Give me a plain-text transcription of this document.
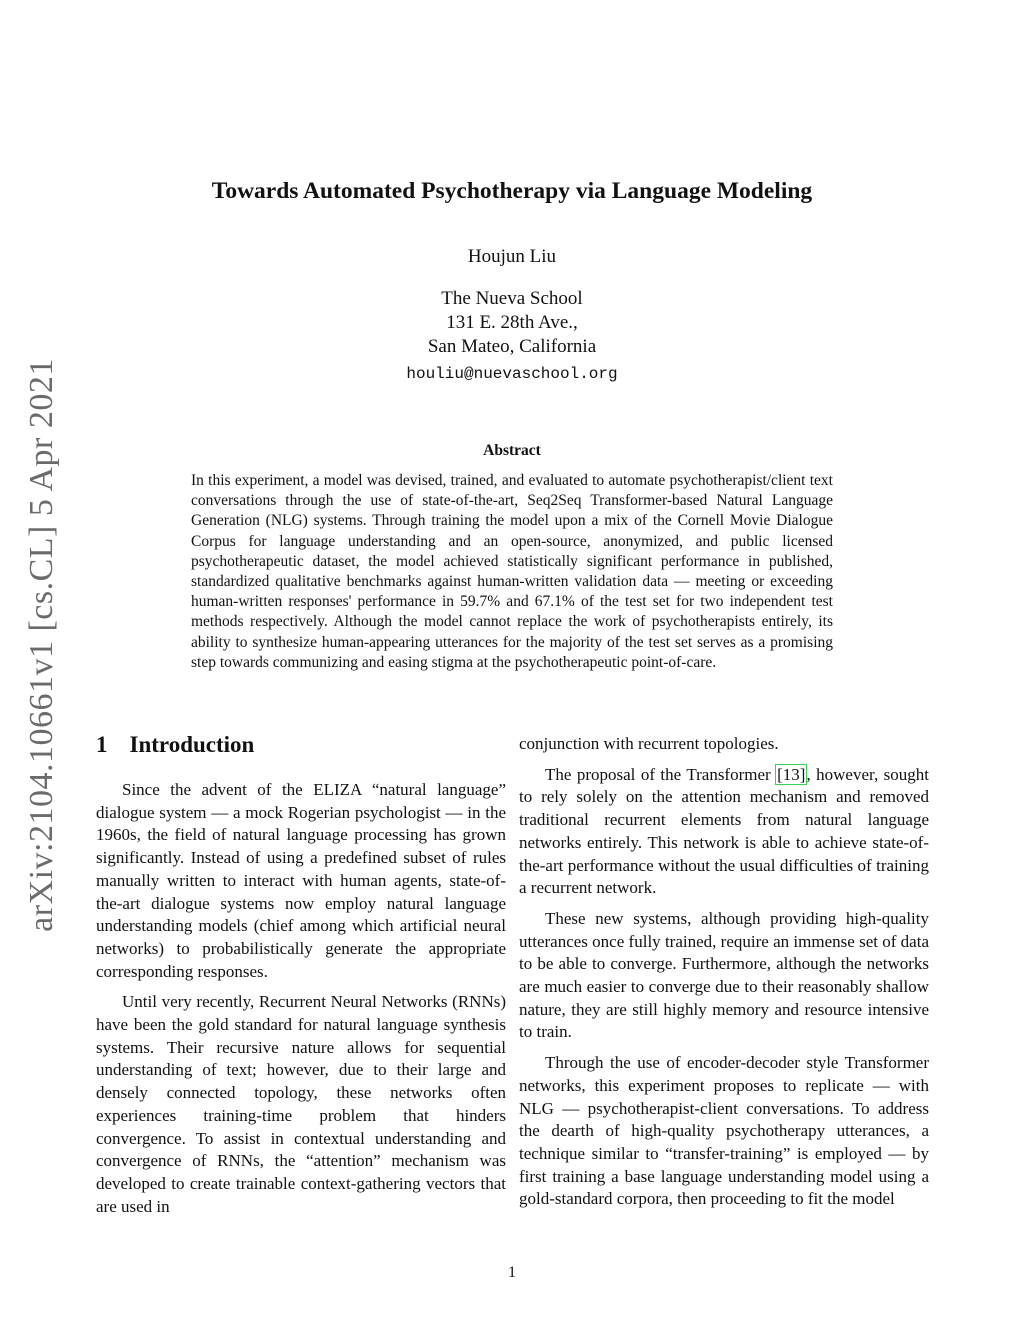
arXiv:2104.10661v1 [cs.CL] 5 Apr 2021
Towards Automated Psychotherapy via Language Modeling
Houjun Liu
The Nueva School
131 E. 28th Ave.,
San Mateo, California
houliu@nuevaschool.org
Abstract
In this experiment, a model was devised, trained, and evaluated to automate psychotherapist/client text conversations through the use of state-of-the-art, Seq2Seq Transformer-based Natural Language Generation (NLG) systems. Through training the model upon a mix of the Cornell Movie Dialogue Corpus for language understanding and an open-source, anonymized, and public licensed psychotherapeutic dataset, the model achieved statistically significant performance in published, standardized qualitative benchmarks against human-written validation data — meeting or exceeding human-written responses' performance in 59.7% and 67.1% of the test set for two independent test methods respectively. Although the model cannot replace the work of psychotherapists entirely, its ability to synthesize human-appearing utterances for the majority of the test set serves as a promising step towards communizing and easing stigma at the psychotherapeutic point-of-care.
1 Introduction

Since the advent of the ELIZA “natural language” dialogue system — a mock Rogerian psychologist — in the 1960s, the field of natural language processing has grown significantly. Instead of using a predefined subset of rules manually written to interact with human agents, state-of-the-art dialogue systems now employ natural language understanding models (chief among which artificial neural networks) to probabilistically generate the appropriate corresponding responses.

Until very recently, Recurrent Neural Networks (RNNs) have been the gold standard for natural language synthesis systems. Their recursive nature allows for sequential understanding of text; however, due to their large and densely connected topology, these networks often experiences training-time problem that hinders convergence. To assist in contextual understanding and convergence of RNNs, the “attention” mechanism was developed to create trainable context-gathering vectors that are used in

conjunction with recurrent topologies.

The proposal of the Transformer [13], however, sought to rely solely on the attention mechanism and removed traditional recurrent elements from natural language networks entirely. This network is able to achieve state-of-the-art performance without the usual difficulties of training a recurrent network.

These new systems, although providing high-quality utterances once fully trained, require an immense set of data to be able to converge. Furthermore, although the networks are much easier to converge due to their reasonably shallow nature, they are still highly memory and resource intensive to train.

Through the use of encoder-decoder style Transformer networks, this experiment proposes to replicate — with NLG — psychotherapist-client conversations. To address the dearth of high-quality psychotherapy utterances, a technique similar to “transfer-training” is employed — by first training a base language understanding model using a gold-standard corpora, then proceeding to fit the model

1
